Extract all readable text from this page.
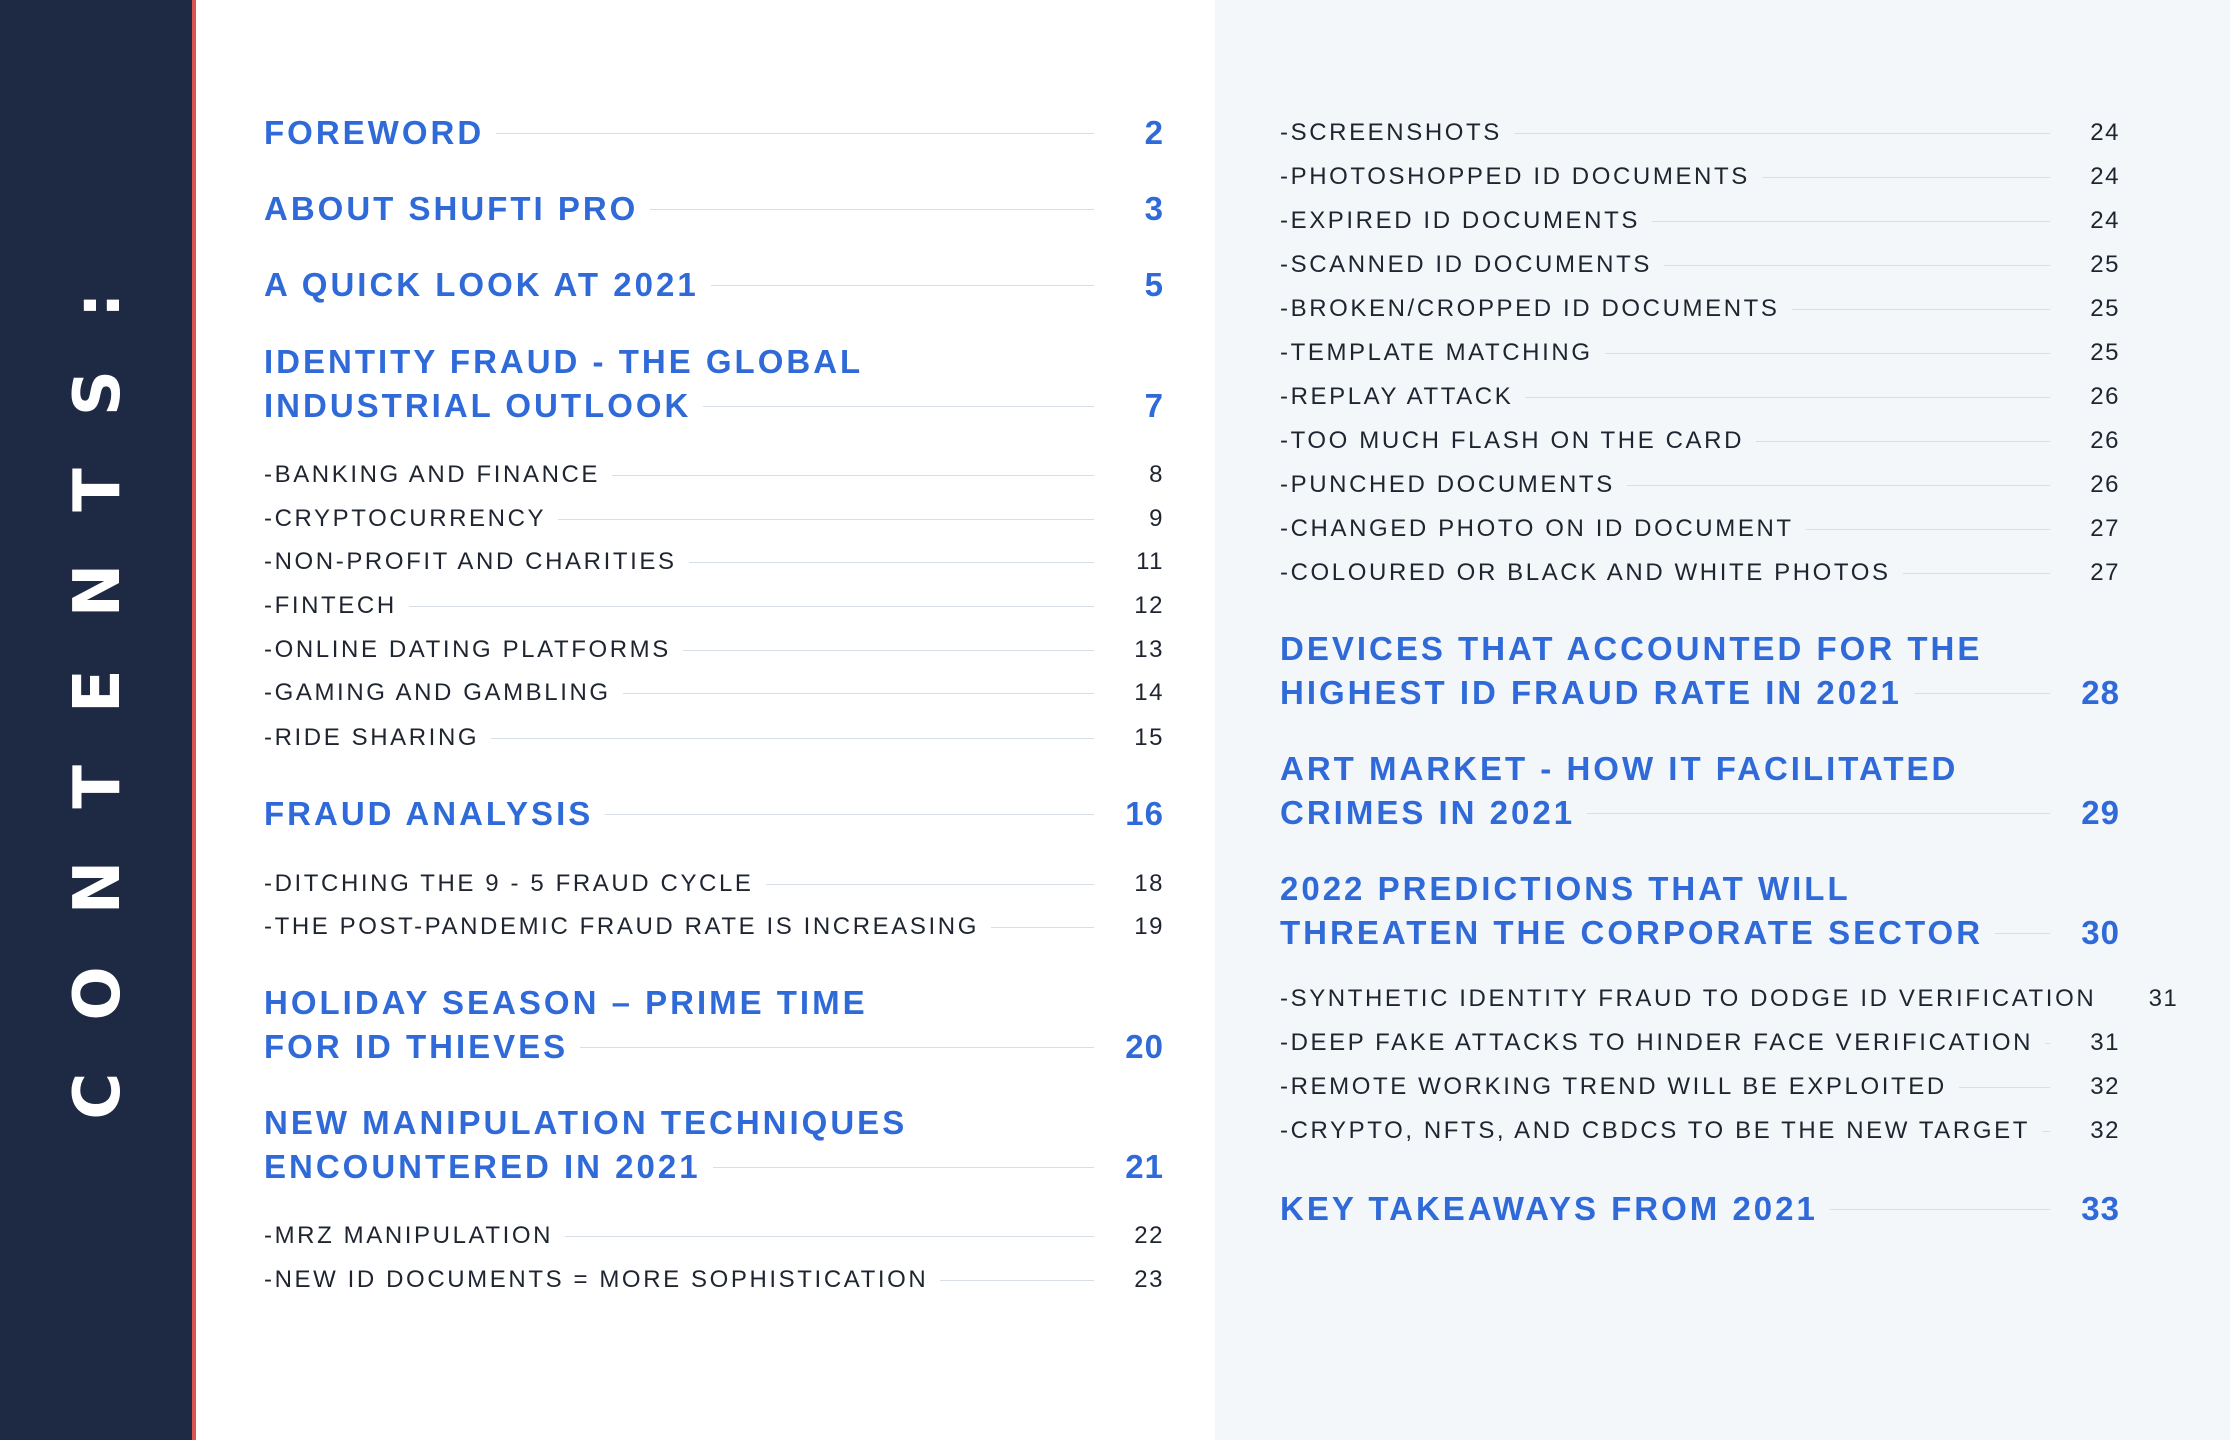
CONTENTS:
FOREWORD	2
ABOUT SHUFTI PRO	3
A QUICK LOOK AT 2021	5
IDENTITY FRAUD - THE GLOBAL
INDUSTRIAL OUTLOOK	7
-BANKING AND FINANCE	8
-CRYPTOCURRENCY	9
-NON-PROFIT AND CHARITIES	11
-FINTECH	12
-ONLINE DATING PLATFORMS	13
-GAMING AND GAMBLING	14
-RIDE SHARING	15
FRAUD ANALYSIS	16
-DITCHING THE 9 - 5 FRAUD CYCLE	18
-THE POST-PANDEMIC FRAUD RATE IS INCREASING	19
HOLIDAY SEASON – PRIME TIME
FOR ID THIEVES	20
NEW MANIPULATION TECHNIQUES
ENCOUNTERED IN 2021	21
-MRZ MANIPULATION	22
-NEW ID DOCUMENTS = MORE SOPHISTICATION	23
-SCREENSHOTS	24
-PHOTOSHOPPED ID DOCUMENTS	24
-EXPIRED ID DOCUMENTS	24
-SCANNED ID DOCUMENTS	25
-BROKEN/CROPPED ID DOCUMENTS	25
-TEMPLATE MATCHING	25
-REPLAY ATTACK	26
-TOO MUCH FLASH ON THE CARD	26
-PUNCHED DOCUMENTS	26
-CHANGED PHOTO ON ID DOCUMENT	27
-COLOURED OR BLACK AND WHITE PHOTOS	27
DEVICES THAT ACCOUNTED FOR THE
HIGHEST ID FRAUD RATE IN 2021	28
ART MARKET - HOW IT FACILITATED
CRIMES IN 2021	29
2022 PREDICTIONS THAT WILL
THREATEN THE CORPORATE SECTOR	30
-SYNTHETIC IDENTITY FRAUD TO DODGE ID VERIFICATION	31
-DEEP FAKE ATTACKS TO HINDER FACE VERIFICATION	31
-REMOTE WORKING TREND WILL BE EXPLOITED	32
-CRYPTO, NFTS, AND CBDCS TO BE THE NEW TARGET	32
KEY TAKEAWAYS FROM 2021	33
